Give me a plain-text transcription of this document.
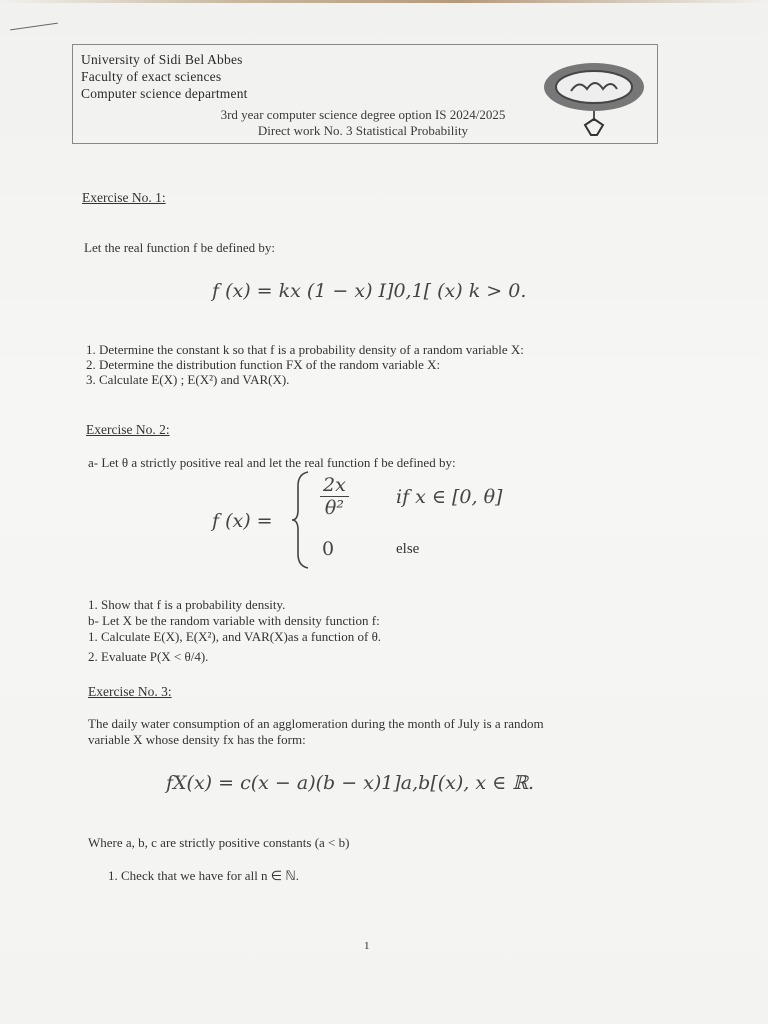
University of Sidi Bel Abbes
Faculty of exact sciences
Computer science department
3rd year computer science degree option IS 2024/2025
Direct work No. 3 Statistical Probability
Exercise No. 1:
Let the real function f be defined by:
f (x) = kx (1 − x) I]0,1[ (x) k > 0.
1. Determine the constant k so that f is a probability density of a random variable X:
2. Determine the distribution function FX of the random variable X:
3. Calculate E(X) ; E(X²) and VAR(X).
Exercise No. 2:
a- Let θ a strictly positive real and let the real function f be defined by:
f (x) =
$\frac{2x}{\text{θ²}}$ if x ∈ [0, θ]
0	else
1. Show that f is a probability density.
b- Let X be the random variable with density function f:
1. Calculate E(X), E(X²), and VAR(X)as a function of θ.
2. Evaluate P(X < θ/4).
Exercise No. 3:
The daily water consumption of an agglomeration during the month of July is a random
variable X whose density fx has the form:
fX(x) = c(x − a)(b − x)1]a,b[(x), x ∈ ℝ.
Where a, b, c are strictly positive constants (a < b)
1. Check that we have for all n ∈ ℕ.
1
